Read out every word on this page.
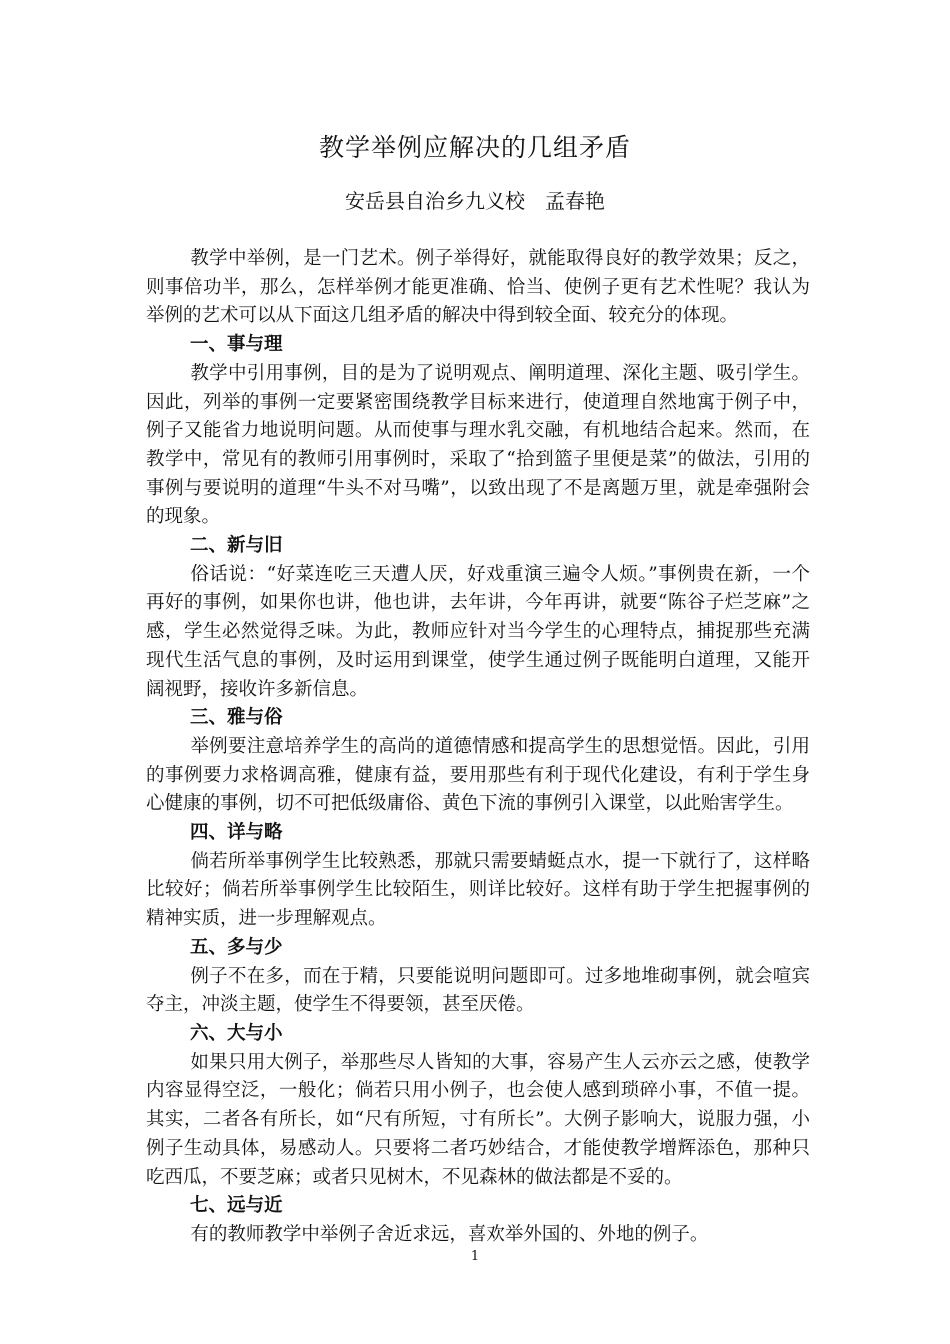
教学举例应解决的几组矛盾
安岳县自治乡九义校　孟春艳

教学中举例，是一门艺术。例子举得好，就能取得良好的教学效果；反之，则事倍功半，那么，怎样举例才能更准确、恰当、使例子更有艺术性呢？我认为举例的艺术可以从下面这几组矛盾的解决中得到较全面、较充分的体现。

一、事与理

教学中引用事例，目的是为了说明观点、阐明道理、深化主题、吸引学生。因此，列举的事例一定要紧密围绕教学目标来进行，使道理自然地寓于例子中，例子又能省力地说明问题。从而使事与理水乳交融，有机地结合起来。然而，在教学中，常见有的教师引用事例时，采取了“拾到篮子里便是菜”的做法，引用的事例与要说明的道理“牛头不对马嘴”，以致出现了不是离题万里，就是牵强附会的现象。

二、新与旧

俗话说：“好菜连吃三天遭人厌，好戏重演三遍令人烦。”事例贵在新，一个再好的事例，如果你也讲，他也讲，去年讲，今年再讲，就要“陈谷子烂芝麻”之感，学生必然觉得乏味。为此，教师应针对当今学生的心理特点，捕捉那些充满现代生活气息的事例，及时运用到课堂，使学生通过例子既能明白道理，又能开阔视野，接收许多新信息。

三、雅与俗

举例要注意培养学生的高尚的道德情感和提高学生的思想觉悟。因此，引用的事例要力求格调高雅，健康有益，要用那些有利于现代化建设，有利于学生身心健康的事例，切不可把低级庸俗、黄色下流的事例引入课堂，以此贻害学生。

四、详与略

倘若所举事例学生比较熟悉，那就只需要蜻蜓点水，提一下就行了，这样略比较好；倘若所举事例学生比较陌生，则详比较好。这样有助于学生把握事例的精神实质，进一步理解观点。

五、多与少

例子不在多，而在于精，只要能说明问题即可。过多地堆砌事例，就会喧宾夺主，冲淡主题，使学生不得要领，甚至厌倦。

六、大与小

如果只用大例子，举那些尽人皆知的大事，容易产生人云亦云之感，使教学内容显得空泛，一般化；倘若只用小例子，也会使人感到琐碎小事，不值一提。其实，二者各有所长，如“尺有所短，寸有所长”。大例子影响大，说服力强，小例子生动具体，易感动人。只要将二者巧妙结合，才能使教学增辉添色，那种只吃西瓜，不要芝麻；或者只见树木，不见森林的做法都是不妥的。

七、远与近

有的教师教学中举例子舍近求远，喜欢举外国的、外地的例子。

1
